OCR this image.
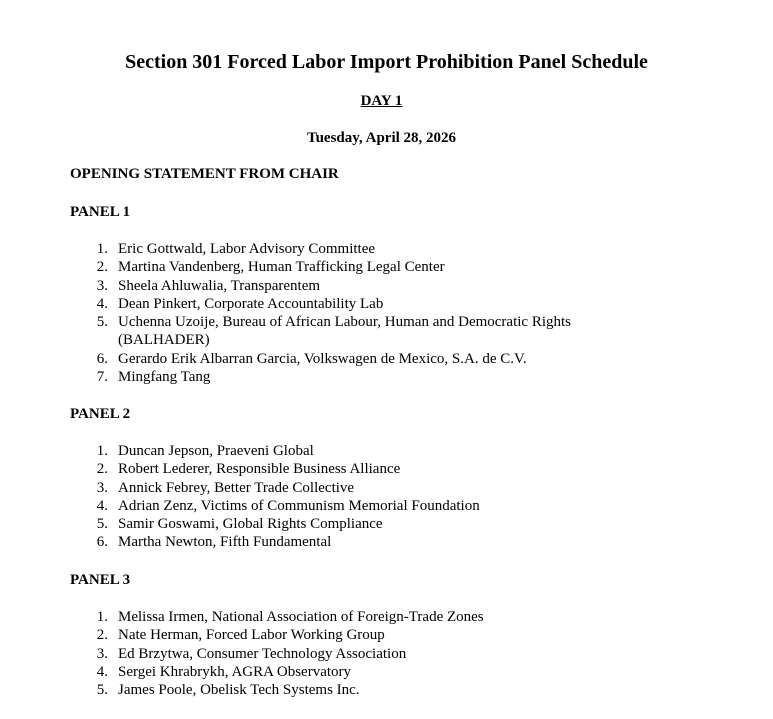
Section 301 Forced Labor Import Prohibition Panel Schedule
DAY 1
Tuesday, April 28, 2026
OPENING STATEMENT FROM CHAIR
PANEL 1
1. Eric Gottwald, Labor Advisory Committee
2. Martina Vandenberg, Human Trafficking Legal Center
3. Sheela Ahluwalia, Transparentem
4. Dean Pinkert, Corporate Accountability Lab
5. Uchenna Uzoije, Bureau of African Labour, Human and Democratic Rights (BALHADER)
6. Gerardo Erik Albarran Garcia, Volkswagen de Mexico, S.A. de C.V.
7. Mingfang Tang
PANEL 2
1. Duncan Jepson, Praeveni Global
2. Robert Lederer, Responsible Business Alliance
3. Annick Febrey, Better Trade Collective
4. Adrian Zenz, Victims of Communism Memorial Foundation
5. Samir Goswami, Global Rights Compliance
6. Martha Newton, Fifth Fundamental
PANEL 3
1. Melissa Irmen, National Association of Foreign-Trade Zones
2. Nate Herman, Forced Labor Working Group
3. Ed Brzytwa, Consumer Technology Association
4. Sergei Khrabrykh, AGRA Observatory
5. James Poole, Obelisk Tech Systems Inc.
